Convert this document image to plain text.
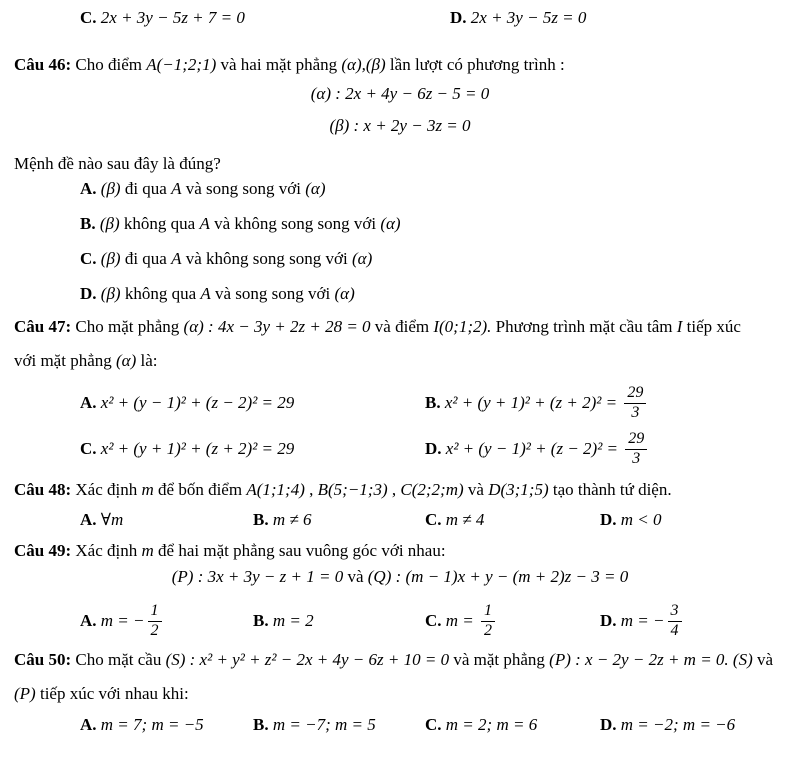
C. 2x + 3y − 5z + 7 = 0	D. 2x + 3y − 5z = 0
Câu 46: Cho điểm A(−1;2;1) và hai mặt phẳng (α),(β) lần lượt có phương trình :
(α) : 2x + 4y − 6z − 5 = 0
(β) : x + 2y − 3z = 0
Mệnh đề nào sau đây là đúng?
A. (β) đi qua A và song song với (α)
B. (β) không qua A và không song song với (α)
C. (β) đi qua A và không song song với (α)
D. (β) không qua A và song song với (α)
Câu 47: Cho mặt phẳng (α) : 4x − 3y + 2z + 28 = 0 và điểm I(0;1;2). Phương trình mặt cầu tâm I tiếp xúc
với mặt phẳng (α) là:
A. x² + (y − 1)² + (z − 2)² = 29	B. $x^2 + (y + 1)^2 + (z + 2)^2 = \frac{29}{3}$
C. x² + (y + 1)² + (z + 2)² = 29	D. $x^2 + (y - 1)^2 + (z - 2)^2 = \frac{29}{3}$
Câu 48: Xác định m để bốn điểm A(1;1;4) , B(5;−1;3) , C(2;2;m) và D(3;1;5) tạo thành tứ diện.
A. ∀m	B. m ≠ 6	C. m ≠ 4	D. m < 0
Câu 49: Xác định m để hai mặt phẳng sau vuông góc với nhau:
(P) : 3x + 3y − z + 1 = 0 và (Q) : (m − 1)x + y − (m + 2)z − 3 = 0
A. m = − $\frac{1}{2}$	B. m = 2	C. $m = \frac{1}{2}$	D. m = − $\frac{3}{4}$
Câu 50: Cho mặt cầu (S) : x² + y² + z² − 2x + 4y − 6z + 10 = 0 và mặt phẳng (P) : x − 2y − 2z + m = 0. (S) và
(P) tiếp xúc với nhau khi:
A. m = 7; m = −5	B. m = −7; m = 5	C. m = 2; m = 6	D. m = −2; m = −6
